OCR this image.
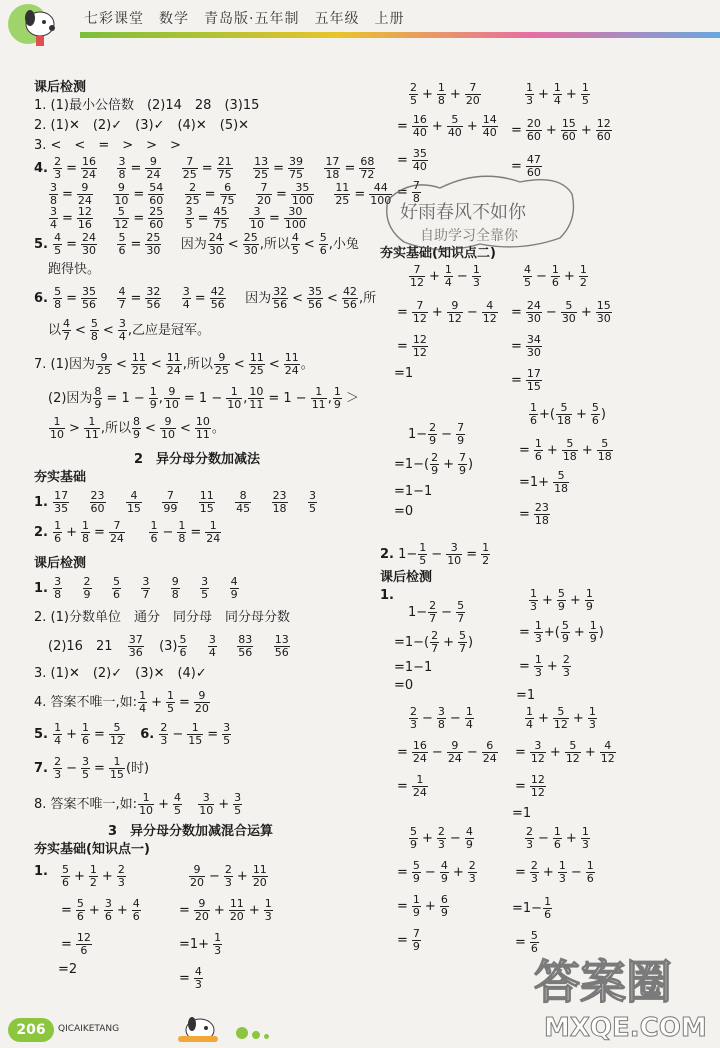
七彩课堂　数学　青岛版·五年制　五年级　上册
课后检测
1. (1)最小公倍数　(2)14　28　(3)15
2. (1)✕　(2)✓　(3)✓　(4)✕　(5)✕
3. <　<　=　>　>　>
4. $\frac{2}{3} = \frac{16}{24}$
$\frac{3}{8} = \frac{9}{24}$
$\frac{7}{25} = \frac{21}{75}$
$\frac{13}{25} = \frac{39}{75}$
$\frac{17}{18} = \frac{68}{72}$
$\frac{3}{8} = \frac{9}{24}$
$\frac{9}{10} = \frac{54}{60}$
$\frac{2}{25} = \frac{6}{75}$
$\frac{7}{20} = \frac{35}{100}$
$\frac{11}{25} = \frac{44}{100}$
$\frac{3}{4} = \frac{12}{16}$
$\frac{5}{12} = \frac{25}{60}$
$\frac{3}{5} = \frac{45}{75}$
$\frac{3}{10} = \frac{30}{100}$
5. $\frac{4}{5} = \frac{24}{30}$
$\frac{5}{6} = \frac{25}{30}$ 因为 $\frac{24}{30} < \frac{25}{30}$ ,所以 $\frac{4}{5} < \frac{5}{6}$ ,小兔
跑得快。
6. $\frac{5}{8} = \frac{35}{56}$
$\frac{4}{7} = \frac{32}{56}$
$\frac{3}{4} = \frac{42}{56}$ 因为 $\frac{32}{56} < \frac{35}{56} < \frac{42}{56}$ ,所
以 $\frac{4}{7} < \frac{5}{8} < \frac{3}{4}$ ,乙应是冠军。
7. (1)因为 $\frac{9}{25} < \frac{11}{25} < \frac{11}{24}$ ,所以 $\frac{9}{25} < \frac{11}{25} < \frac{11}{24}$ 。
(2)因为 $\frac{8}{9} = 1 - \frac{1}{9}$ , $\frac{9}{10} = 1 - \frac{1}{10}$ , $\frac{10}{11} = 1 - \frac{1}{11}$ , $\frac{1}{9}$ ＞
$\frac{1}{10} > \frac{1}{11}$ ,所以 $\frac{8}{9} < \frac{9}{10} < \frac{10}{11}$ 。
2　异分母分数加减法
夯实基础
1. $\frac{17}{35}$
$\frac{23}{60}$
$\frac{4}{15}$
$\frac{7}{99}$
$\frac{11}{15}$
$\frac{8}{45}$
$\frac{23}{18}$
$\frac{3}{5}$
2. $\frac{1}{6} + \frac{1}{8} = \frac{7}{24}$
$\frac{1}{6} - \frac{1}{8} = \frac{1}{24}$
课后检测
1. $\frac{3}{8}$
$\frac{2}{9}$
$\frac{5}{6}$
$\frac{3}{7}$
$\frac{9}{8}$
$\frac{3}{5}$
$\frac{4}{9}$
2. (1)分数单位　通分　同分母　同分母分数
(2)16　$21 \frac{37}{36} (3) \frac{5}{6}$
$\frac{3}{4}$
$\frac{83}{56}$
$\frac{13}{56}$
3. (1)✕　(2)✓　(3)✕　(4)✓
4. 答案不唯一,如: $\frac{1}{4} + \frac{1}{5} = \frac{9}{20}$
5. $\frac{1}{4} + \frac{1}{6} = \frac{5}{12} 6$. $\frac{2}{3} - \frac{1}{15} = \frac{3}{5}$
7. $\frac{2}{3} - \frac{3}{5} = \frac{1}{15}$ (时)
8. 答案不唯一,如: $\frac{1}{10} + \frac{4}{5}$
$\frac{3}{10} + \frac{3}{5}$
3　异分母分数加减混合运算
夯实基础(知识点一)
1. $\frac{5}{6} + \frac{1}{2} + \frac{2}{3}$
= $\frac{5}{6} + \frac{3}{6} + \frac{4}{6}$
= $\frac{12}{6}$
=2
$\frac{9}{20} - \frac{2}{3} + \frac{11}{20}$
= $\frac{9}{20} + \frac{11}{20} + \frac{1}{3}$
$=1+ \frac{1}{3}$
= $\frac{4}{3}$
$\frac{2}{5} + \frac{1}{8} + \frac{7}{20}$
= $\frac{16}{40} + \frac{5}{40} + \frac{14}{40}$
= $\frac{35}{40}$
= $\frac{7}{8}$
$\frac{1}{3} + \frac{1}{4} + \frac{1}{5}$
= $\frac{20}{60} + \frac{15}{60} + \frac{12}{60}$
= $\frac{47}{60}$
夯实基础(知识点二)
$\frac{7}{12} + \frac{1}{4} - \frac{1}{3}$
= $\frac{7}{12} + \frac{9}{12} - \frac{4}{12}$
= $\frac{12}{12}$
=1
$\frac{4}{5} - \frac{1}{6} + \frac{1}{2}$
= $\frac{24}{30} - \frac{5}{30} + \frac{15}{30}$
= $\frac{34}{30}$
= $\frac{17}{15}$
$1- \frac{2}{9} - \frac{7}{9}$
$=1-( \frac{2}{9} + \frac{7}{9}$ )
=1−1
=0
$\frac{1}{6}$ +( $\frac{5}{18} + \frac{5}{6}$ )
= $\frac{1}{6} + \frac{5}{18} + \frac{5}{18}$
$=1+ \frac{5}{18}$
= $\frac{23}{18}$
2. $1- \frac{1}{5} - \frac{3}{10} = \frac{1}{2}$
课后检测
1.
$1- \frac{2}{7} - \frac{5}{7}$
$=1-( \frac{2}{7} + \frac{5}{7}$ )
=1−1
=0
$\frac{1}{3} + \frac{5}{9} + \frac{1}{9}$
= $\frac{1}{3}$ +( $\frac{5}{9} + \frac{1}{9}$ )
= $\frac{1}{3} + \frac{2}{3}$
=1
$\frac{2}{3} - \frac{3}{8} - \frac{1}{4}$
= $\frac{16}{24} - \frac{9}{24} - \frac{6}{24}$
= $\frac{1}{24}$
$\frac{1}{4} + \frac{5}{12} + \frac{1}{3}$
= $\frac{3}{12} + \frac{5}{12} + \frac{4}{12}$
= $\frac{12}{12}$
=1
$\frac{5}{9} + \frac{2}{3} - \frac{4}{9}$
= $\frac{5}{9} - \frac{4}{9} + \frac{2}{3}$
= $\frac{1}{9} + \frac{6}{9}$
= $\frac{7}{9}$
$\frac{2}{3} - \frac{1}{6} + \frac{1}{3}$
= $\frac{2}{3} + \frac{1}{3} - \frac{1}{6}$
$=1- \frac{1}{6}$
= $\frac{5}{6}$
好雨春风不如你
自助学习全靠你
206	QICAIKETANG
答案圈
MXQE.COM
